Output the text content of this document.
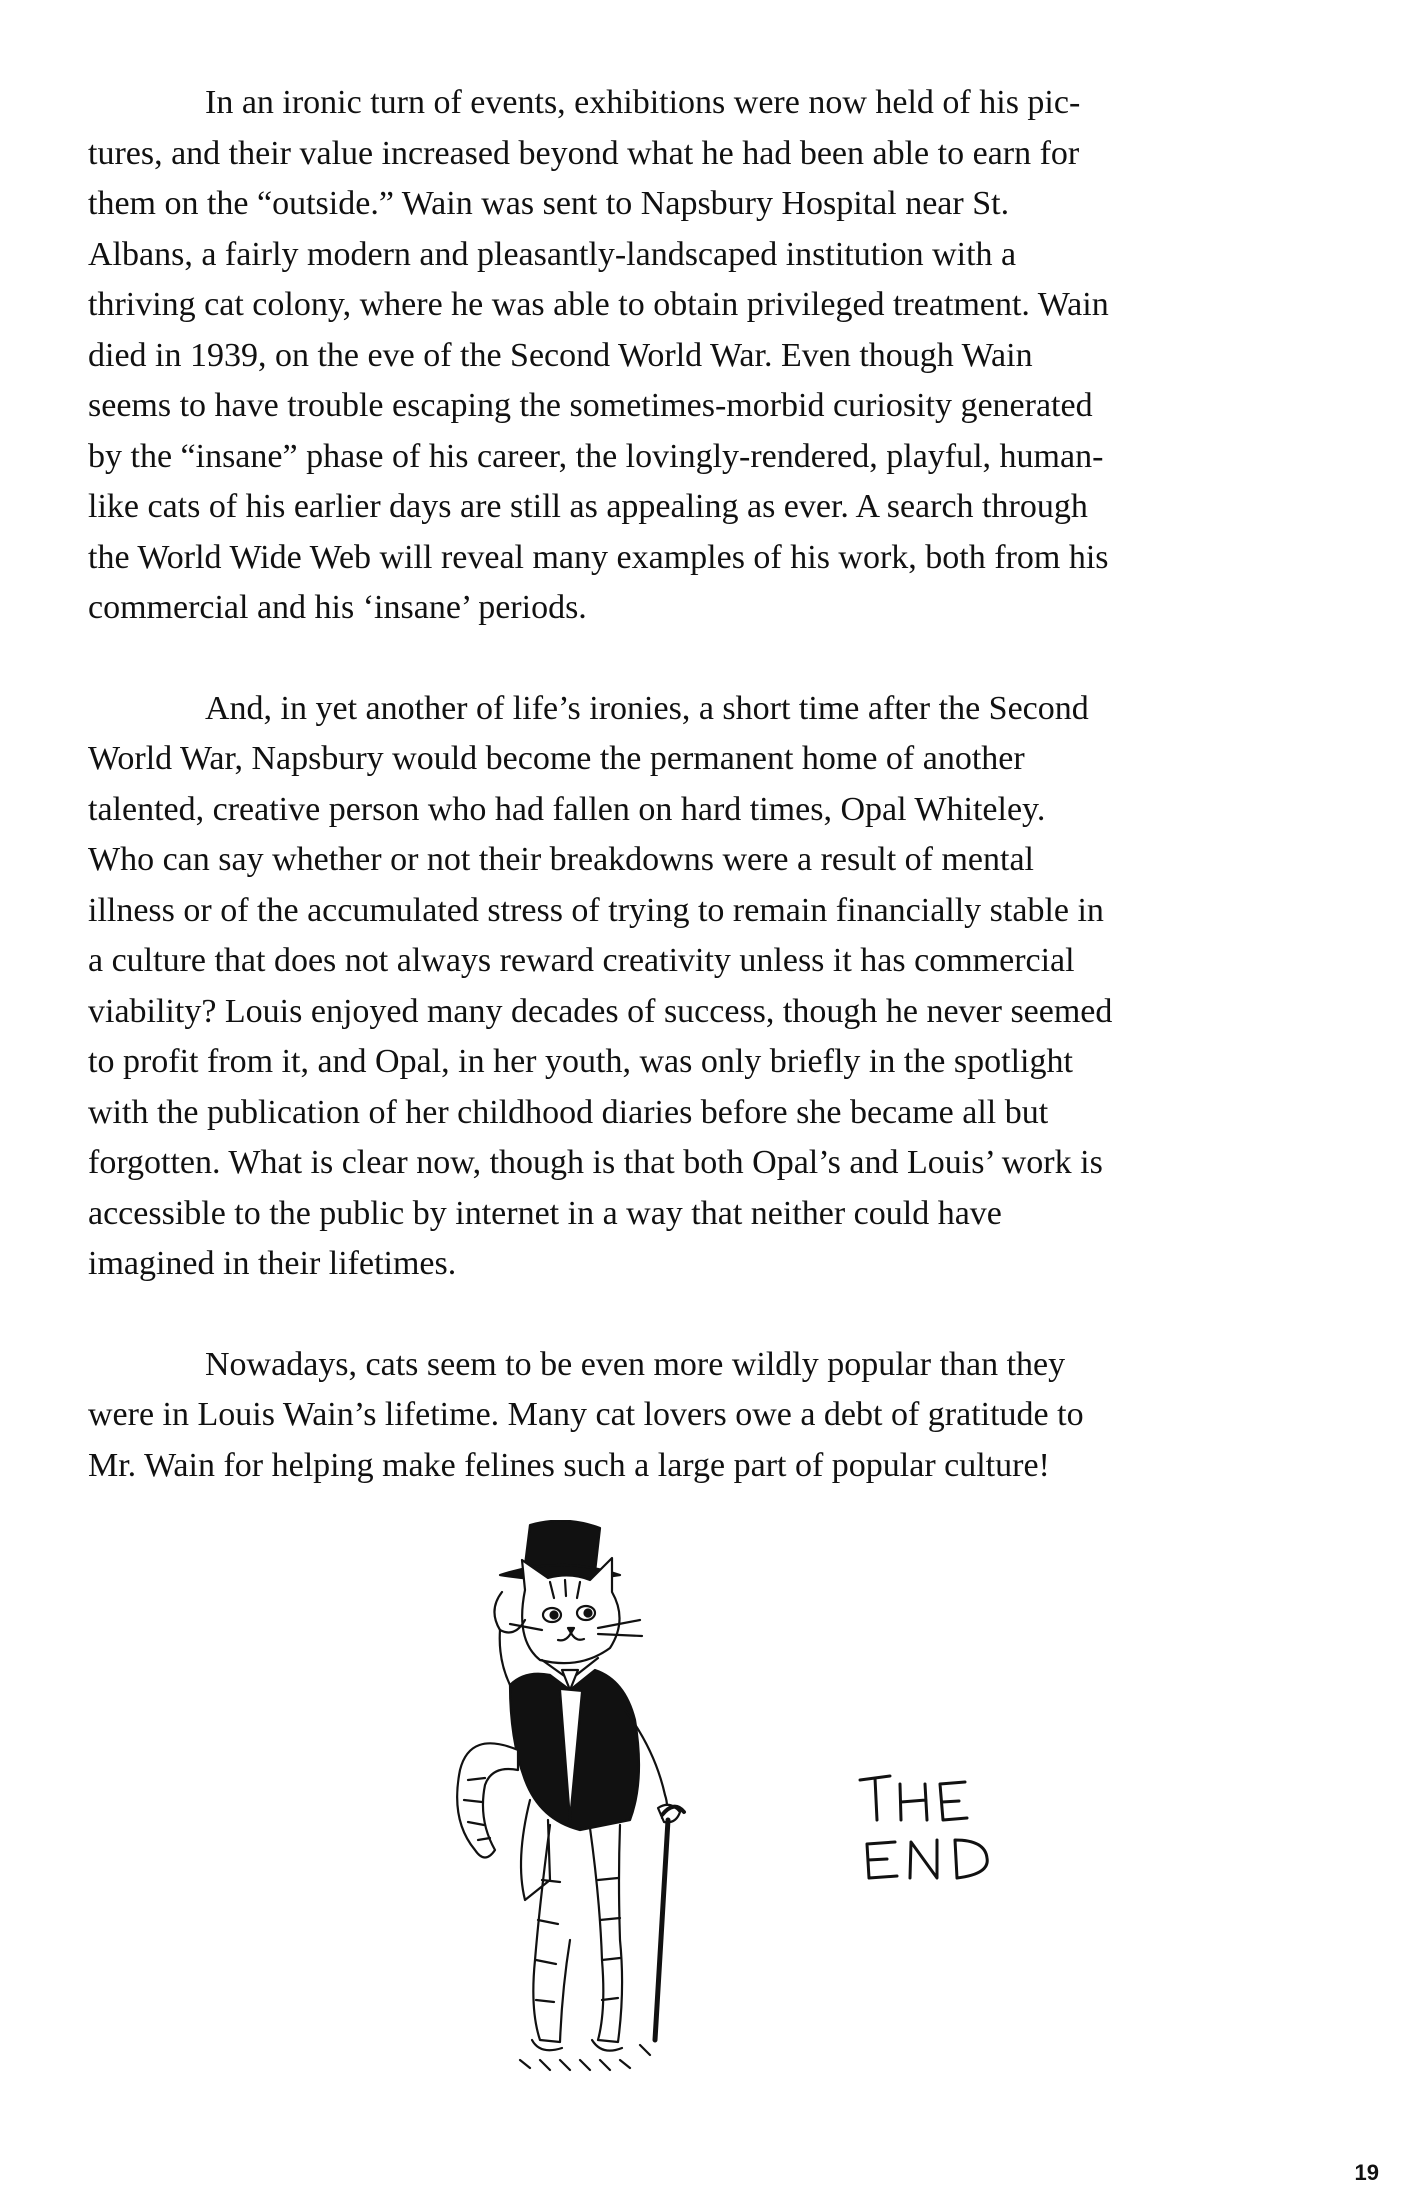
In an ironic turn of events, exhibitions were now held of his pic-
tures, and their value increased beyond what he had been able to earn for
them on the “outside.” Wain was sent to Napsbury Hospital near St.
Albans, a fairly modern and pleasantly-landscaped institution with a
thriving cat colony, where he was able to obtain privileged treatment. Wain
died in 1939, on the eve of the Second World War. Even though Wain
seems to have trouble escaping the sometimes-morbid curiosity generated
by the “insane” phase of his career, the lovingly-rendered, playful, human-
like cats of his earlier days are still as appealing as ever. A search through
the World Wide Web will reveal many examples of his work, both from his
commercial and his ‘insane’ periods.

And, in yet another of life’s ironies, a short time after the Second
World War, Napsbury would become the permanent home of another
talented, creative person who had fallen on hard times, Opal Whiteley.
Who can say whether or not their breakdowns were a result of mental
illness or of the accumulated stress of trying to remain financially stable in
a culture that does not always reward creativity unless it has commercial
viability? Louis enjoyed many decades of success, though he never seemed
to profit from it, and Opal, in her youth, was only briefly in the spotlight
with the publication of her childhood diaries before she became all but
forgotten. What is clear now, though is that both Opal’s and Louis’ work is
accessible to the public by internet in a way that neither could have
imagined in their lifetimes.

Nowadays, cats seem to be even more wildly popular than they
were in Louis Wain’s lifetime. Many cat lovers owe a debt of gratitude to
Mr. Wain for helping make felines such a large part of popular culture!

19
